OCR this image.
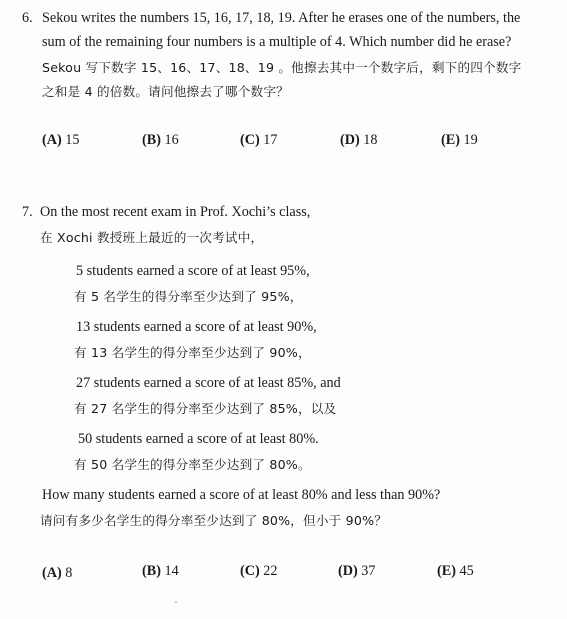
6. Sekou writes the numbers 15, 16, 17, 18, 19. After he erases one of the numbers, the
sum of the remaining four numbers is a multiple of 4. Which number did he erase?
Sekou 写下数字 15、16、17、18、19 。他擦去其中一个数字后，剩下的四个数字
之和是 4 的倍数。请问他擦去了哪个数字？
(A) 15	(B) 16	(C) 17	(D) 18	(E) 19
7. On the most recent exam in Prof. Xochi’s class,
在 Xochi 教授班上最近的一次考试中，
5 students earned a score of at least 95%,
有 5 名学生的得分率至少达到了 95%，
13 students earned a score of at least 90%,
有 13 名学生的得分率至少达到了 90%，
27 students earned a score of at least 85%, and
有 27 名学生的得分率至少达到了 85%，以及
50 students earned a score of at least 80%.
有 50 名学生的得分率至少达到了 80%。
How many students earned a score of at least 80% and less than 90%?
请问有多少名学生的得分率至少达到了 80%，但小于 90%？
(A) 8	(B) 14	(C) 22	(D) 37	(E) 45
